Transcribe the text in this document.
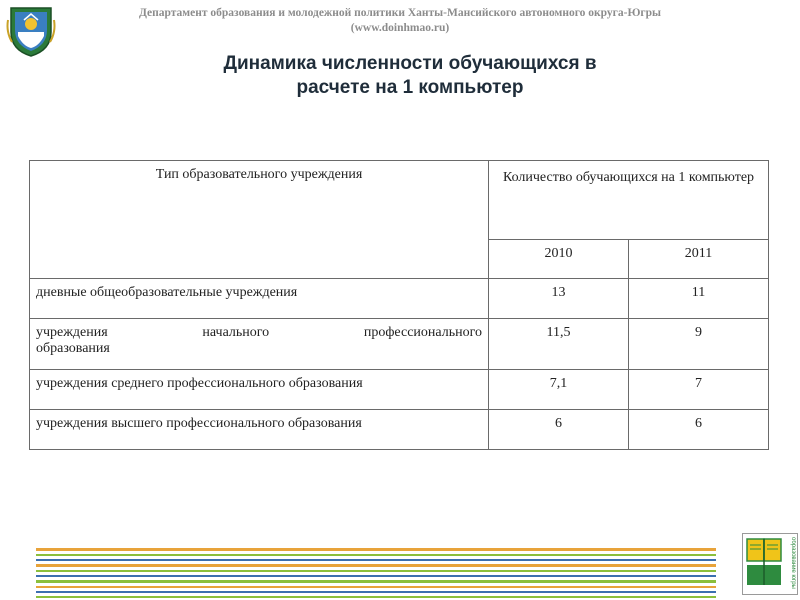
Департамент образования и молодежной политики Ханты-Мансийского автономного округа-Югры
(www.doinhmao.ru)
Динамика численности обучающихся в
расчете на 1 компьютер
Тип образовательного учреждения	Количество обучающихся на 1 компьютер	
	2010	2011

дневные общеобразовательные учреждения	13	11

учреждения начального профессионального
образования	11,5	9

учреждения среднего профессионального образования	7,1	7

учреждения высшего профессионального образования	6	6
образование югры
